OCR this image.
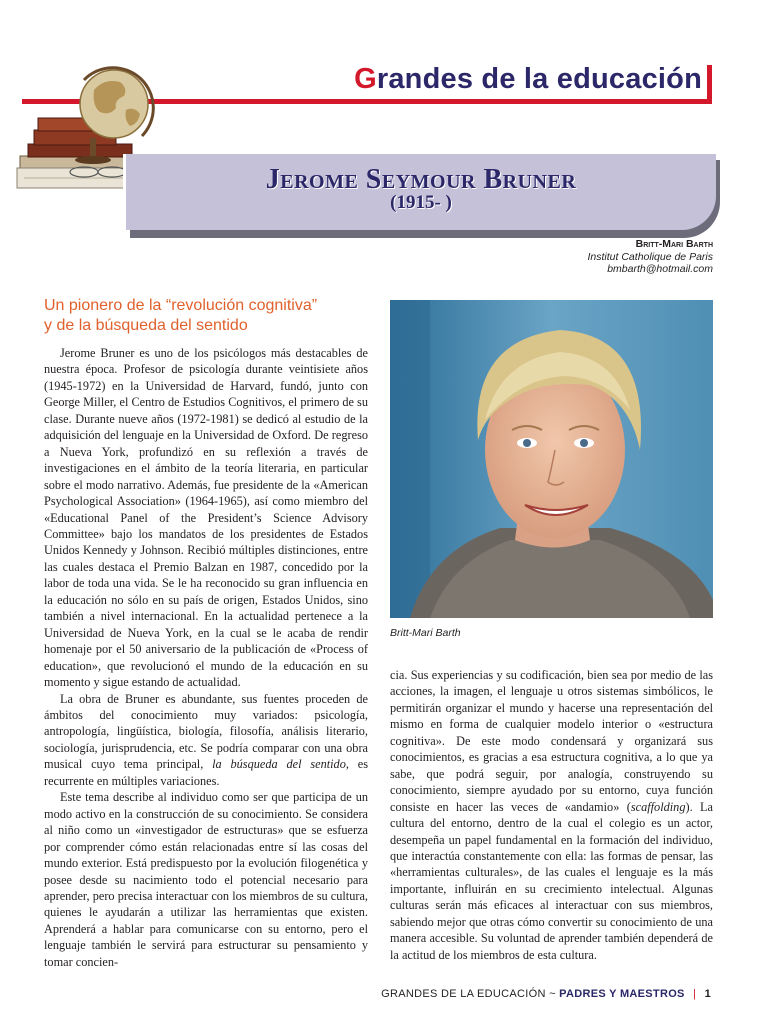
Grandes de la educación
Jerome Seymour Bruner
(1915- )
Britt-Mari Barth
Institut Catholique de Paris
bmbarth@hotmail.com
Un pionero de la “revolución cognitiva”
y de la búsqueda del sentido

Jerome Bruner es uno de los psicólogos más destacables de nuestra época. Profesor de psicología durante veintisiete años (1945-1972) en la Universidad de Harvard, fundó, junto con George Miller, el Centro de Estudios Cognitivos, el primero de su clase. Durante nueve años (1972-1981) se dedicó al estudio de la adquisición del lenguaje en la Universidad de Oxford. De regreso a Nueva York, profundizó en su reflexión a través de investigaciones en el ámbito de la teoría literaria, en particular sobre el modo narrativo. Además, fue presidente de la «American Psychological Association» (1964-1965), así como miembro del «Educational Panel of the President’s Science Advisory Committee» bajo los mandatos de los presidentes de Estados Unidos Kennedy y Johnson. Recibió múltiples distinciones, entre las cuales destaca el Premio Balzan en 1987, concedido por la labor de toda una vida. Se le ha reconocido su gran influencia en la educación no sólo en su país de origen, Estados Unidos, sino también a nivel internacional. En la actualidad pertenece a la Universidad de Nueva York, en la cual se le acaba de rendir homenaje por el 50 aniversario de la publicación de «Process of education», que revolucionó el mundo de la educación en su momento y sigue estando de actualidad.

La obra de Bruner es abundante, sus fuentes proceden de ámbitos del conocimiento muy variados: psicología, antropología, lingüística, biología, filosofía, análisis literario, sociología, jurisprudencia, etc. Se podría comparar con una obra musical cuyo tema principal, la búsqueda del sentido, es recurrente en múltiples variaciones.

Este tema describe al individuo como ser que participa de un modo activo en la construcción de su conocimiento. Se considera al niño como un «investigador de estructuras» que se esfuerza por comprender cómo están relacionadas entre sí las cosas del mundo exterior. Está predispuesto por la evolución filogenética y posee desde su nacimiento todo el potencial necesario para aprender, pero precisa interactuar con los miembros de su cultura, quienes le ayudarán a utilizar las herramientas que existen. Aprenderá a hablar para comunicarse con su entorno, pero el lenguaje también le servirá para estructurar su pensamiento y tomar concien-

Britt-Mari Barth

cia. Sus experiencias y su codificación, bien sea por medio de las acciones, la imagen, el lenguaje u otros sistemas simbólicos, le permitirán organizar el mundo y hacerse una representación del mismo en forma de cualquier modelo interior o «estructura cognitiva». De este modo condensará y organizará sus conocimientos, es gracias a esa estructura cognitiva, a lo que ya sabe, que podrá seguir, por analogía, construyendo su conocimiento, siempre ayudado por su entorno, cuya función consiste en hacer las veces de «andamio» (scaffolding). La cultura del entorno, dentro de la cual el colegio es un actor, desempeña un papel fundamental en la formación del individuo, que interactúa constantemente con ella: las formas de pensar, las «herramientas culturales», de las cuales el lenguaje es la más importante, influirán en su crecimiento intelectual. Algunas culturas serán más eficaces al interactuar con sus miembros, sabiendo mejor que otras cómo convertir su conocimiento de una manera accesible. Su voluntad de aprender también dependerá de la actitud de los miembros de esta cultura.

GRANDES DE LA EDUCACIÓN ~ PADRES Y MAESTROS | 1
